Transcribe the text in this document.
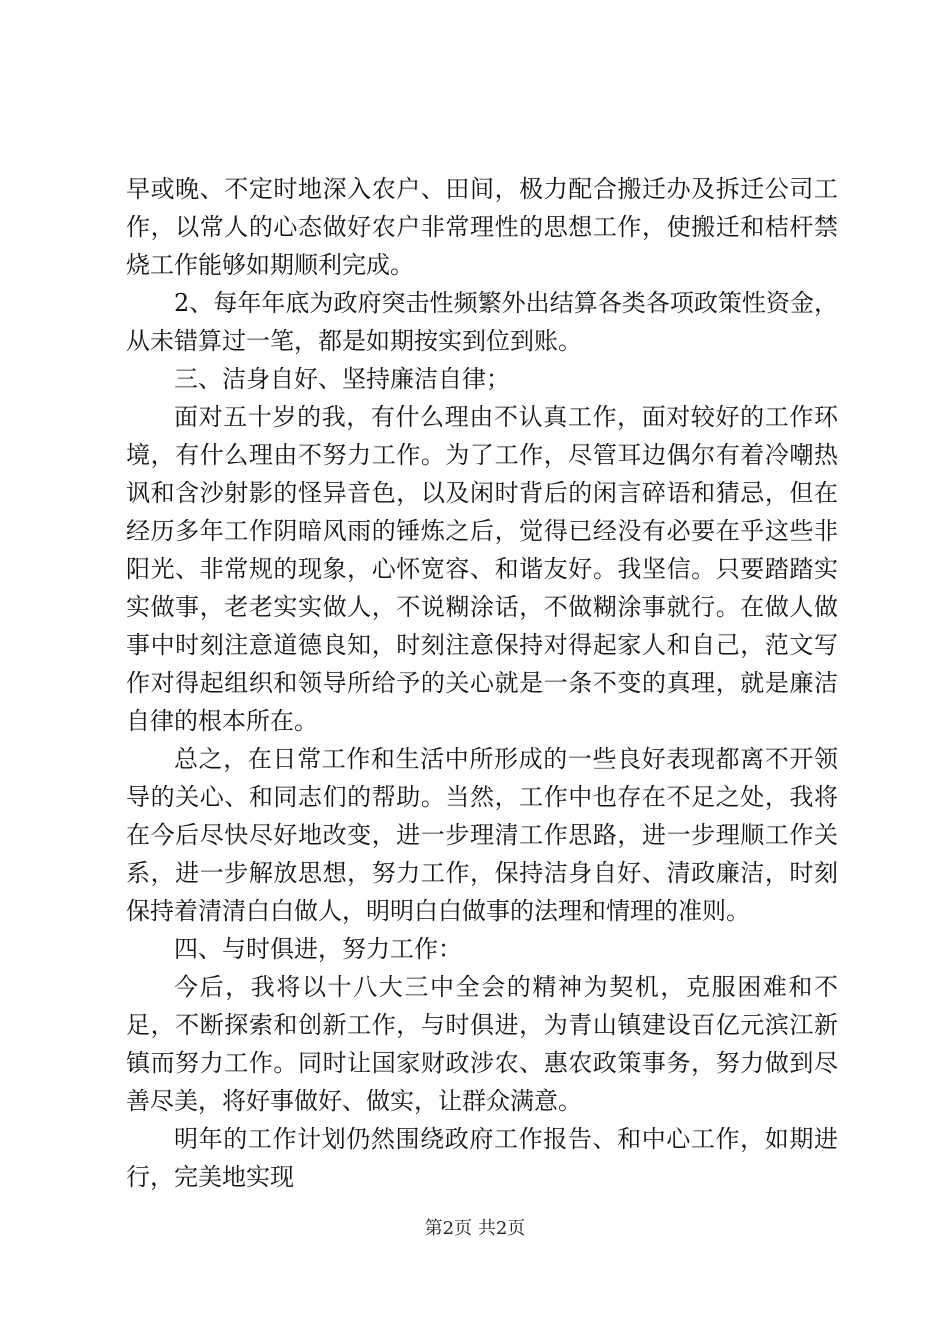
早或晚、不定时地深入农户、田间，极力配合搬迁办及拆迁公司工作，以常人的心态做好农户非常理性的思想工作，使搬迁和桔杆禁烧工作能够如期顺利完成。

2、每年年底为政府突击性频繁外出结算各类各项政策性资金，从未错算过一笔，都是如期按实到位到账。

三、洁身自好、坚持廉洁自律；

面对五十岁的我，有什么理由不认真工作，面对较好的工作环境，有什么理由不努力工作。为了工作，尽管耳边偶尔有着冷嘲热讽和含沙射影的怪异音色，以及闲时背后的闲言碎语和猜忌，但在经历多年工作阴暗风雨的锤炼之后，觉得已经没有必要在乎这些非阳光、非常规的现象，心怀宽容、和谐友好。我坚信。只要踏踏实实做事，老老实实做人，不说糊涂话，不做糊涂事就行。在做人做事中时刻注意道德良知，时刻注意保持对得起家人和自己，范文写作对得起组织和领导所给予的关心就是一条不变的真理，就是廉洁自律的根本所在。

总之，在日常工作和生活中所形成的一些良好表现都离不开领导的关心、和同志们的帮助。当然，工作中也存在不足之处，我将在今后尽快尽好地改变，进一步理清工作思路，进一步理顺工作关系，进一步解放思想，努力工作，保持洁身自好、清政廉洁，时刻保持着清清白白做人，明明白白做事的法理和情理的准则。

四、与时俱进，努力工作：

今后，我将以十八大三中全会的精神为契机，克服困难和不足，不断探索和创新工作，与时俱进，为青山镇建设百亿元滨江新镇而努力工作。同时让国家财政涉农、惠农政策事务，努力做到尽善尽美，将好事做好、做实，让群众满意。

明年的工作计划仍然围绕政府工作报告、和中心工作，如期进行，完美地实现

第2页 共2页
